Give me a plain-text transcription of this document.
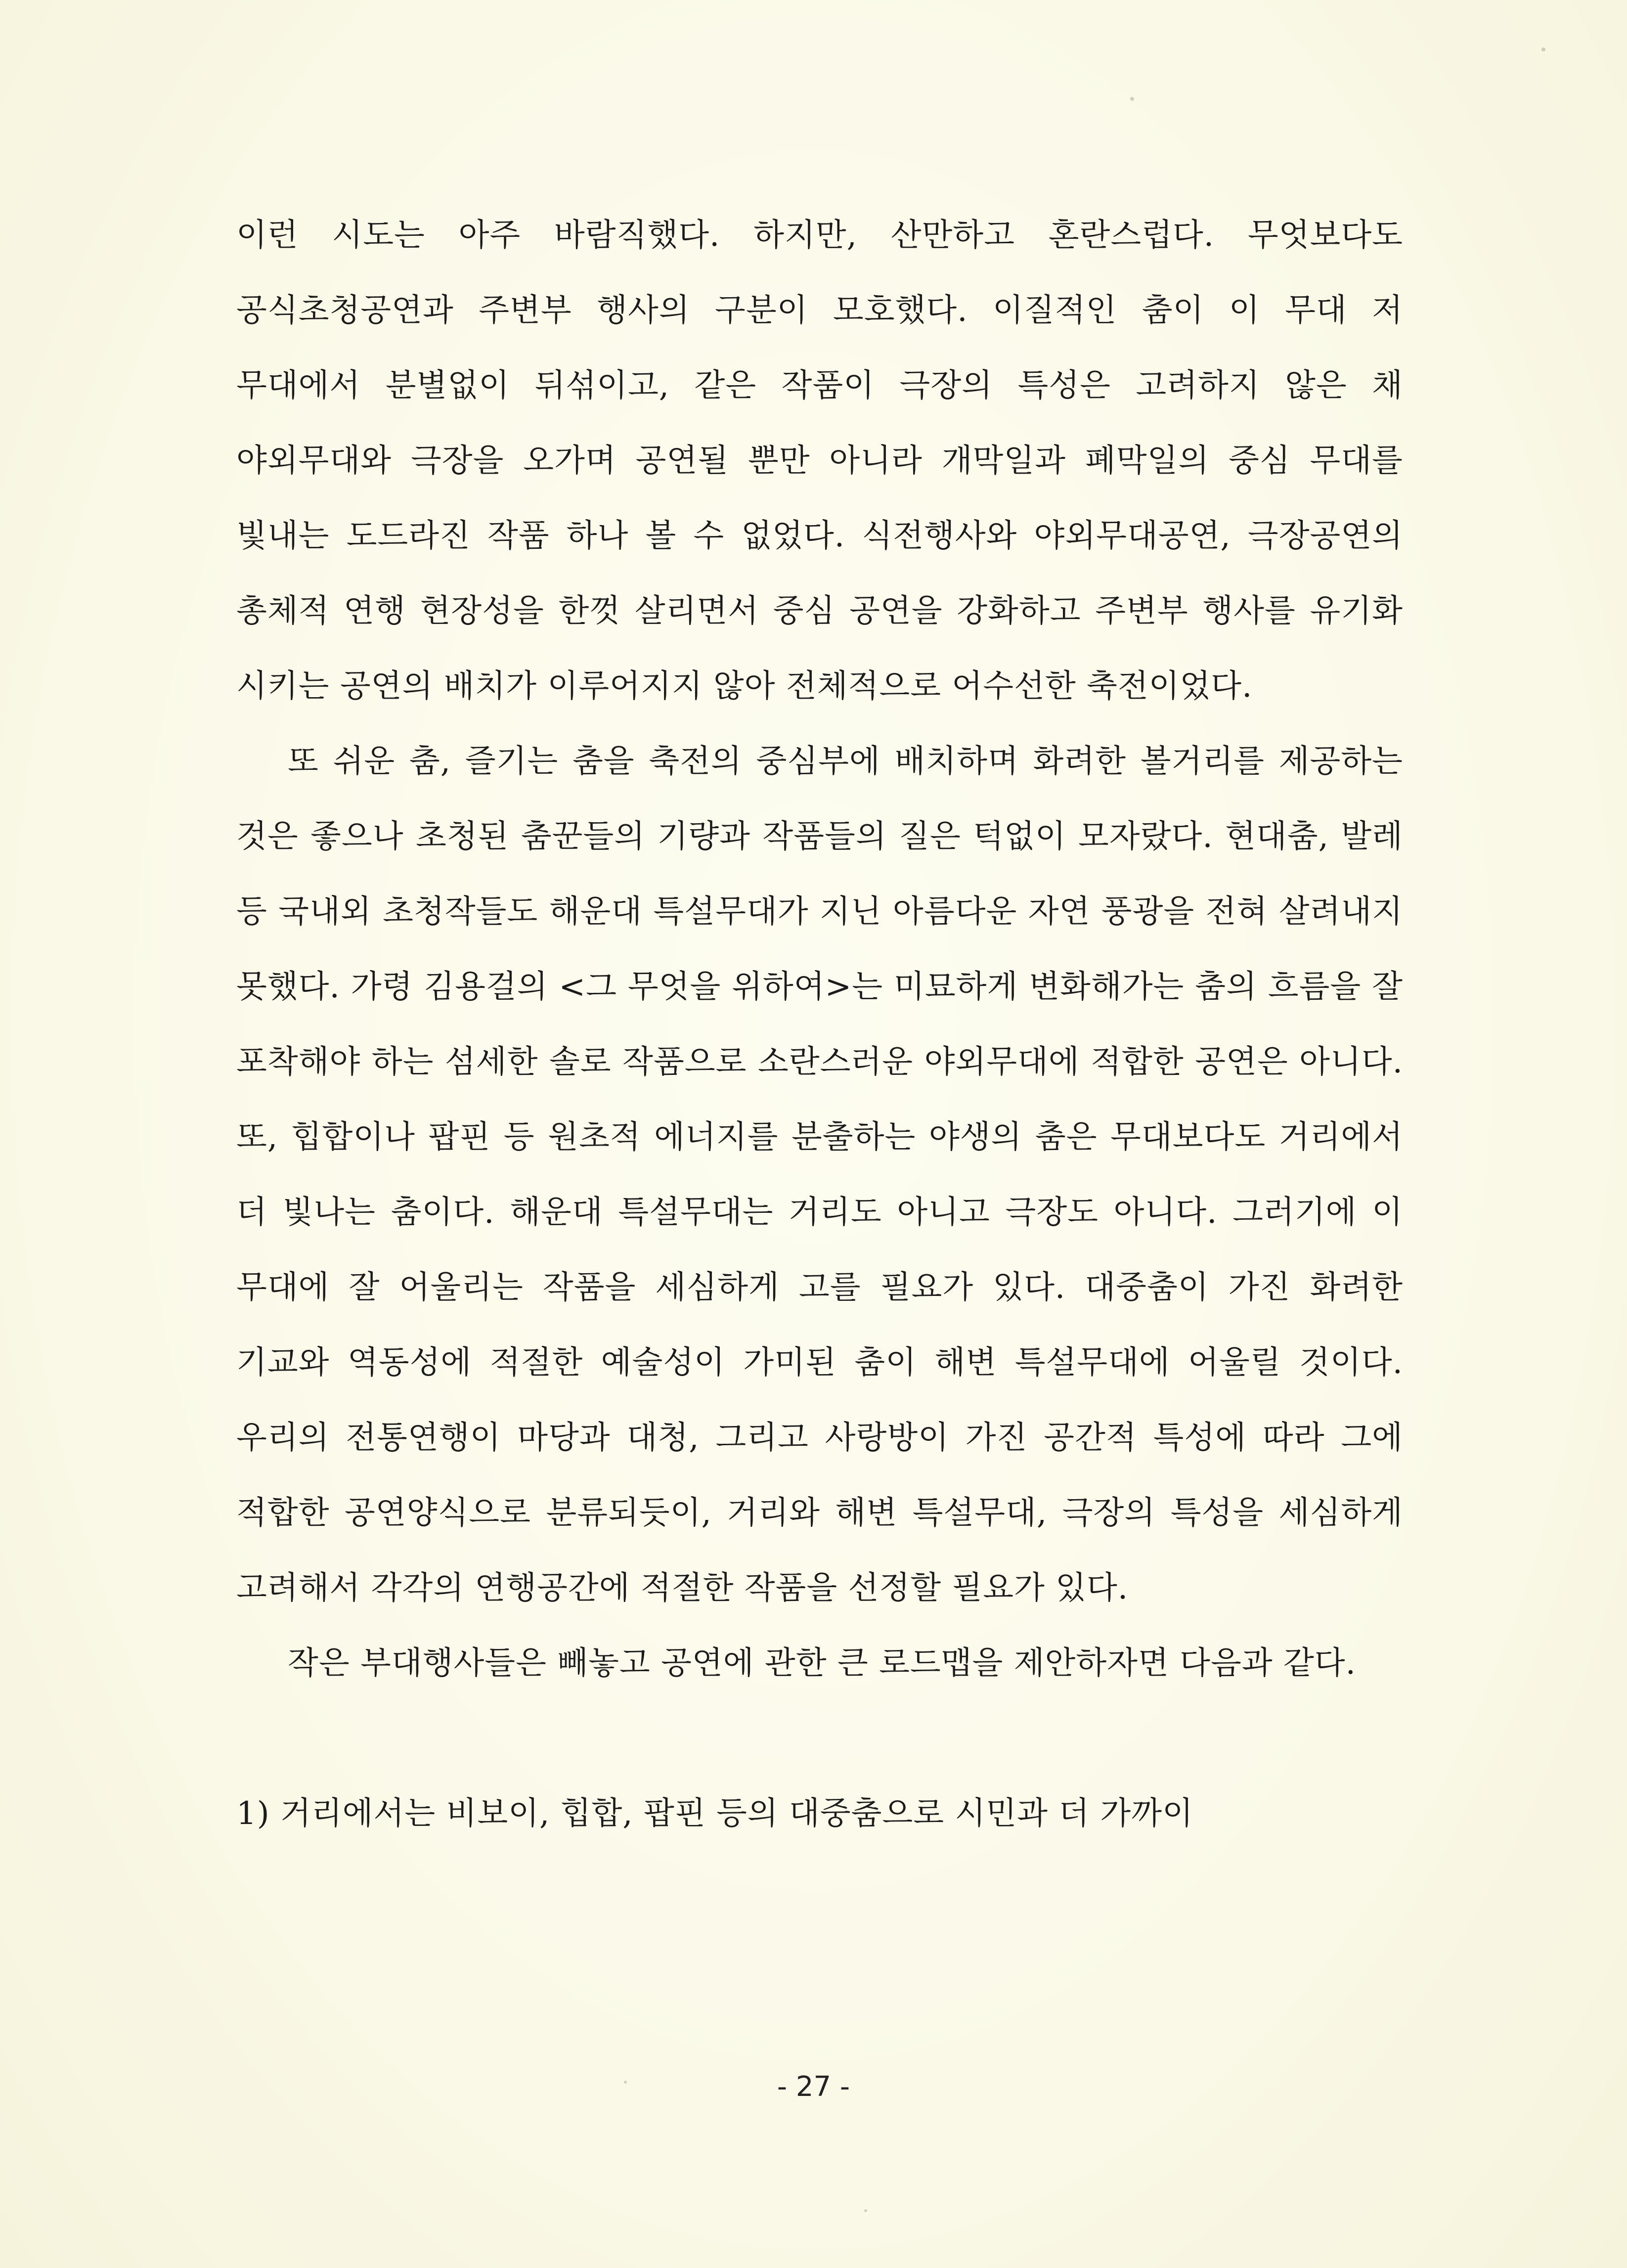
이런 시도는 아주 바람직했다. 하지만, 산만하고 혼란스럽다. 무엇보다도 공식초청공연과 주변부 행사의 구분이 모호했다. 이질적인 춤이 이 무대 저 무대에서 분별없이 뒤섞이고, 같은 작품이 극장의 특성은 고려하지 않은 채 야외무대와 극장을 오가며 공연될 뿐만 아니라 개막일과 폐막일의 중심 무대를 빛내는 도드라진 작품 하나 볼 수 없었다. 식전행사와 야외무대공연, 극장공연의 총체적 연행 현장성을 한껏 살리면서 중심 공연을 강화하고 주변부 행사를 유기화 시키는 공연의 배치가 이루어지지 않아 전체적으로 어수선한 축전이었다.

또 쉬운 춤, 즐기는 춤을 축전의 중심부에 배치하며 화려한 볼거리를 제공하는 것은 좋으나 초청된 춤꾼들의 기량과 작품들의 질은 턱없이 모자랐다. 현대춤, 발레 등 국내외 초청작들도 해운대 특설무대가 지닌 아름다운 자연 풍광을 전혀 살려내지 못했다. 가령 김용걸의 <그 무엇을 위하여>는 미묘하게 변화해가는 춤의 흐름을 잘 포착해야 하는 섬세한 솔로 작품으로 소란스러운 야외무대에 적합한 공연은 아니다. 또, 힙합이나 팝핀 등 원초적 에너지를 분출하는 야생의 춤은 무대보다도 거리에서 더 빛나는 춤이다. 해운대 특설무대는 거리도 아니고 극장도 아니다. 그러기에 이 무대에 잘 어울리는 작품을 세심하게 고를 필요가 있다. 대중춤이 가진 화려한 기교와 역동성에 적절한 예술성이 가미된 춤이 해변 특설무대에 어울릴 것이다. 우리의 전통연행이 마당과 대청, 그리고 사랑방이 가진 공간적 특성에 따라 그에 적합한 공연양식으로 분류되듯이, 거리와 해변 특설무대, 극장의 특성을 세심하게 고려해서 각각의 연행공간에 적절한 작품을 선정할 필요가 있다.

작은 부대행사들은 빼놓고 공연에 관한 큰 로드맵을 제안하자면 다음과 같다.

1) 거리에서는 비보이, 힙합, 팝핀 등의 대중춤으로 시민과 더 가까이

- 27 -
